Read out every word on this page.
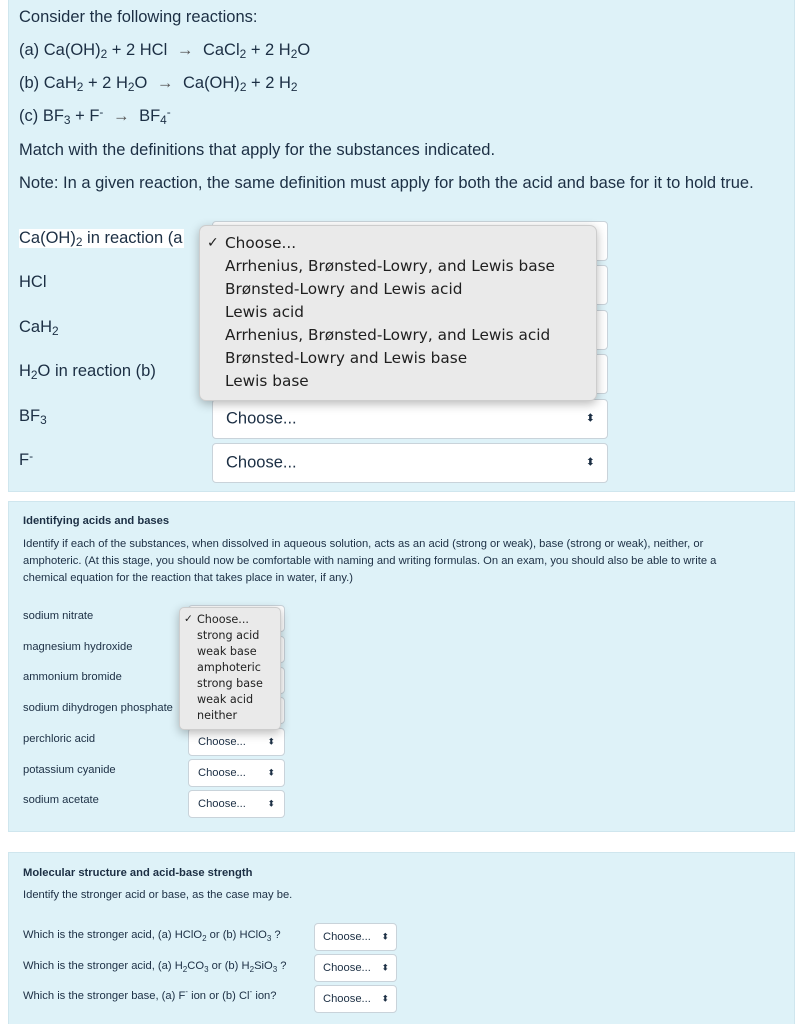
Consider the following reactions:
(a) $Ca(OH)_2 + 2$ HCl → CaCl$_2$ + 2 $H_2O$
(b) CaH$_2$ + 2 $H_2O \to Ca(OH)_2 + 2$ $H_2$
(c) $BF_3 + F^- \to BF_4^-$
Match with the definitions that apply for the substances indicated.
Note: In a given reaction, the same definition must apply for both the acid and base for it to hold true.
$Ca(OH)_2$ in reaction (a
HCl
CaH$_2$
$H_2O$ in reaction (b)
$BF_3$
F-
Choose...	⬍
Choose...	⬍
✓ Choose...
Arrhenius, Brønsted-Lowry, and Lewis base
Brønsted-Lowry and Lewis acid
Lewis acid
Arrhenius, Brønsted-Lowry, and Lewis acid
Brønsted-Lowry and Lewis base
Lewis base
Identifying acids and bases
Identify if each of the substances, when dissolved in aqueous solution, acts as an acid (strong or weak), base (strong or weak), neither, or
amphoteric. (At this stage, you should now be comfortable with naming and writing formulas. On an exam, you should also be able to write a
chemical equation for the reaction that takes place in water, if any.)
sodium nitrate
magnesium hydroxide
ammonium bromide
sodium dihydrogen phosphate
perchloric acid
potassium cyanide
sodium acetate
Choose... ⬍
Choose... ⬍
Choose... ⬍
✓ Choose...
strong acid
weak base
amphoteric
strong base
weak acid
neither
Molecular structure and acid-base strength
Identify the stronger acid or base, as the case may be.
Which is the stronger acid, (a) HClO$_2$ or (b) HClO$_3$ ?
Which is the stronger acid, (a) $H_2CO_3$ or (b) $H_2SiO_3$ ?
Which is the stronger base, (a) F- ion or (b) Cl- ion?
Choose... ⬍
Choose... ⬍
Choose... ⬍
